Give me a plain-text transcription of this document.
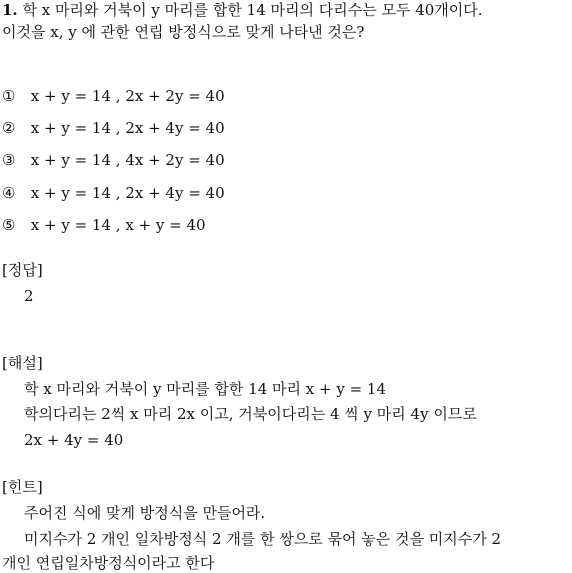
1. 학 x 마리와 거북이 y 마리를 합한 14 마리의 다리수는 모두 40개이다.
이것을 x, y 에 관한 연립 방정식으로 맞게 나타낸 것은?
① x + y = 14 , 2x + 2y = 40
② x + y = 14 , 2x + 4y = 40
③ x + y = 14 , 4x + 2y = 40
④ x + y = 14 , 2x + 4y = 40
⑤ x + y = 14 , x + y = 40
[정답]
2
[해설]
학 x 마리와 거북이 y 마리를 합한 14 마리 x + y = 14
학의다리는 2씩 x 마리 2x 이고, 거북이다리는 4 씩 y 마리 4y 이므로
2x + 4y = 40
[힌트]
주어진 식에 맞게 방정식을 만들어라.
미지수가 2 개인 일차방정식 2 개를 한 쌍으로 묶어 놓은 것을 미지수가 2
개인 연립일차방정식이라고 한다
